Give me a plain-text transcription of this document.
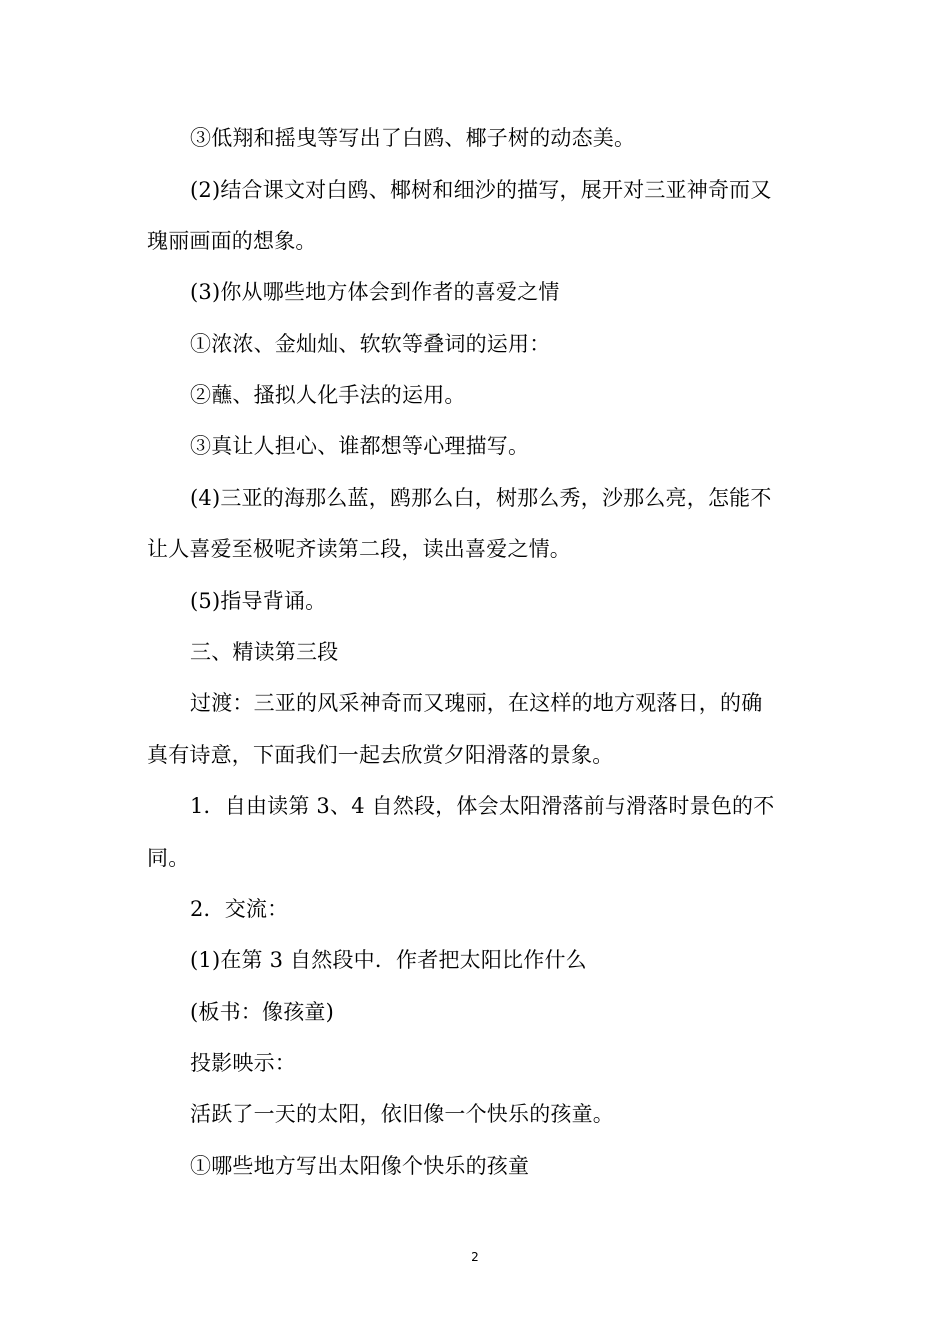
③低翔和摇曳等写出了白鸥、椰子树的动态美。
(2)结合课文对白鸥、椰树和细沙的描写，展开对三亚神奇而又
瑰丽画面的想象。
(3)你从哪些地方体会到作者的喜爱之情
①浓浓、金灿灿、软软等叠词的运用：
②蘸、搔拟人化手法的运用。
③真让人担心、谁都想等心理描写。
(4)三亚的海那么蓝，鸥那么白，树那么秀，沙那么亮，怎能不
让人喜爱至极呢齐读第二段，读出喜爱之情。
(5)指导背诵。
三、精读第三段
过渡：三亚的风采神奇而又瑰丽，在这样的地方观落日，的确
真有诗意，下面我们一起去欣赏夕阳滑落的景象。
1．自由读第 3、4 自然段，体会太阳滑落前与滑落时景色的不
同。
2．交流：
(1)在第 3 自然段中．作者把太阳比作什么
(板书：像孩童)
投影映示：
活跃了一天的太阳，依旧像一个快乐的孩童。
①哪些地方写出太阳像个快乐的孩童
2
